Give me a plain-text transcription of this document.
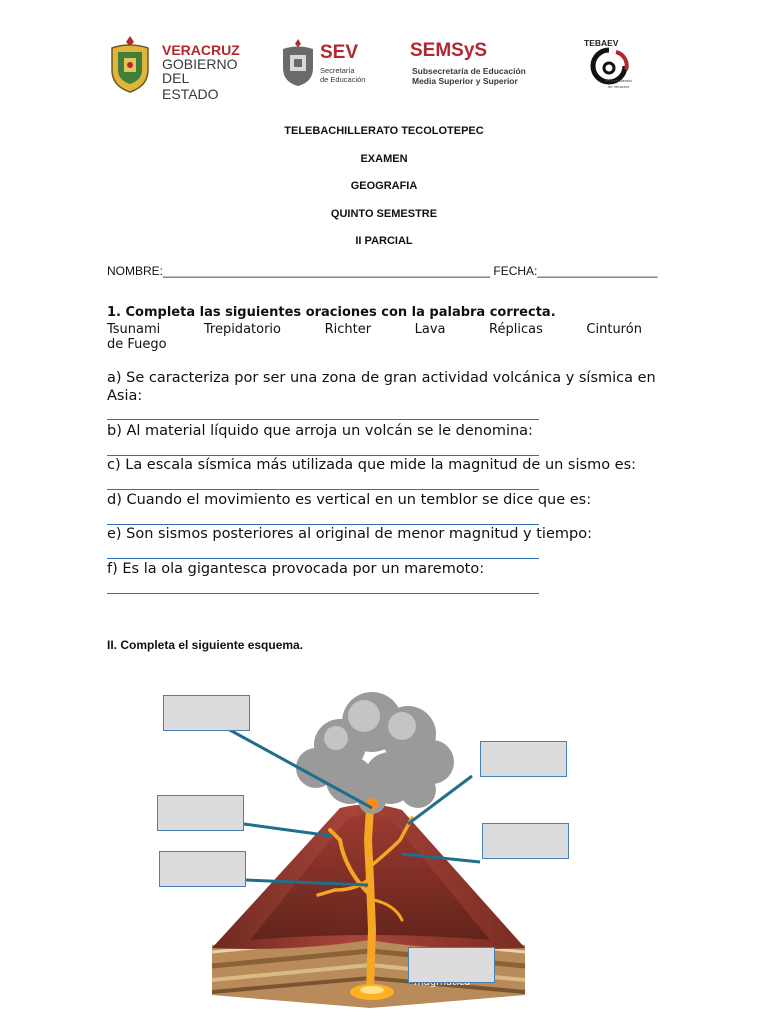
VERACRUZ
GOBIERNO
DEL ESTADO
SEV
Secretaría
de Educación
SEMSyS
Subsecretaría de Educación
Media Superior y Superior
TEBAEV
Telebachillerato
de Veracruz
TELEBACHILLERATO TECOLOTEPEC
EXAMEN
GEOGRAFIA
QUINTO SEMESTRE
II PARCIAL
NOMBRE:_________________________________________________ FECHA:__________________
1. Completa las siguientes oraciones con la palabra correcta.
Tsunami	Trepidatorio	Richter	Lava	Réplicas	Cinturón
de Fuego
a) Se caracteriza por ser una zona de gran actividad volcánica y sísmica en
Asia:
b) Al material líquido que arroja un volcán se le denomina:
c) La escala sísmica más utilizada que mide la magnitud de un sismo es:
d) Cuando el movimiento es vertical en un temblor se dice que es:
e) Son sismos posteriores al original de menor magnitud y tiempo:
f) Es la ola gigantesca provocada por un maremoto:
II. Completa el siguiente esquema.
